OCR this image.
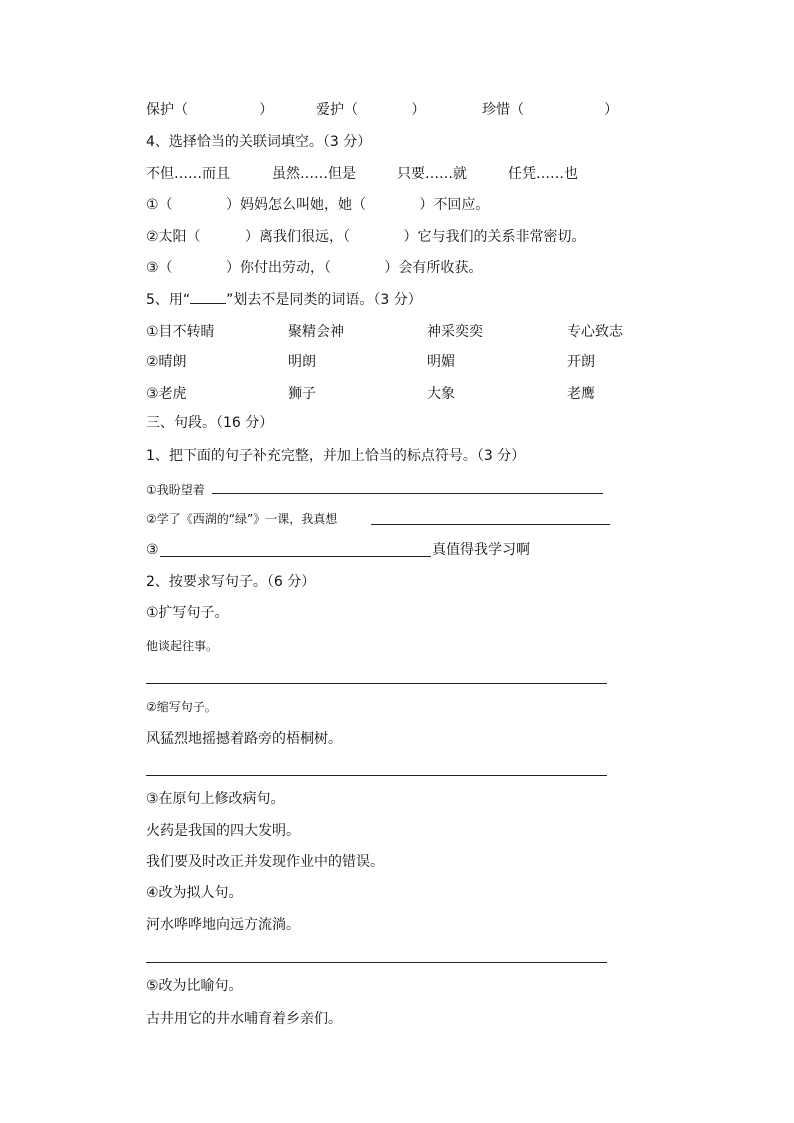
保护（                ）	爱护（            ）	珍惜（                  ）
4、选择恰当的关联词填空。（3 分）
不但……而且	虽然……但是	只要……就	任凭……也
①（            ）妈妈怎么叫她，她（            ）不回应。
②太阳（          ）离我们很远，（            ）它与我们的关系非常密切。
③（            ）你付出劳动，（            ）会有所收获。
5、用“	”划去不是同类的词语。（3 分）
①目不转睛	聚精会神	神采奕奕	专心致志
②晴朗	明朗	明媚	开朗
③老虎	狮子	大象	老鹰
三、句段。（16 分）
1、把下面的句子补充完整，并加上恰当的标点符号。（3 分）
①我盼望着
②学了《西湖的“绿”》一课，我真想
③	真值得我学习啊
2、按要求写句子。（6 分）
①扩写句子。
他谈起往事。
②缩写句子。
风猛烈地摇撼着路旁的梧桐树。
③在原句上修改病句。
火药是我国的四大发明。
我们要及时改正并发现作业中的错误。
④改为拟人句。
河水哗哗地向远方流淌。
⑤改为比喻句。
古井用它的井水哺育着乡亲们。
